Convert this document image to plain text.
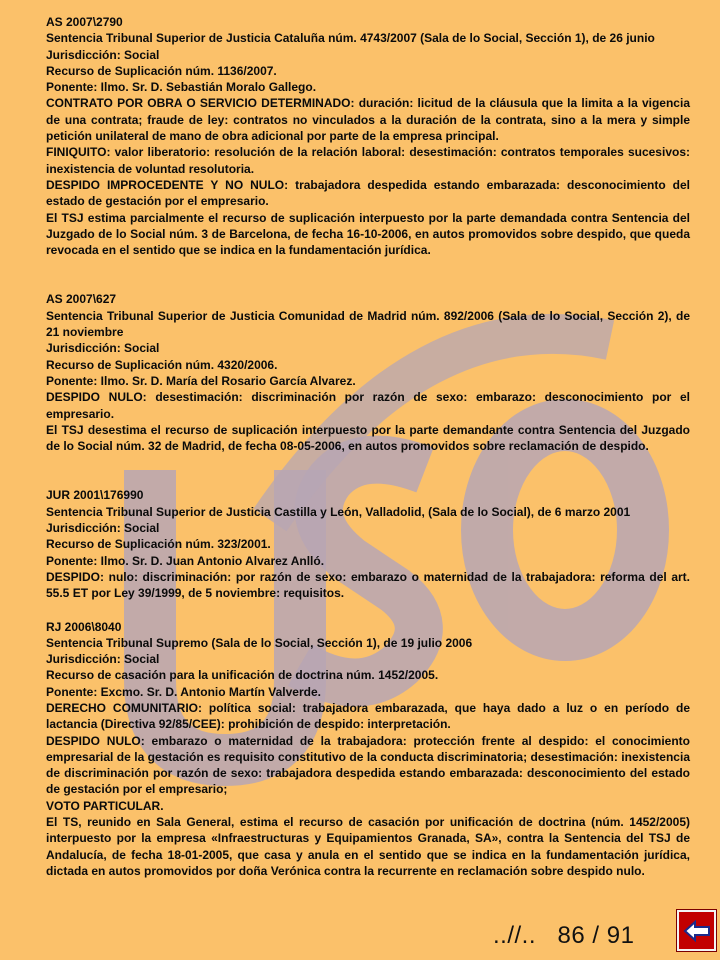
AS 2007\2790

Sentencia Tribunal Superior de Justicia Cataluña núm. 4743/2007 (Sala de lo Social, Sección 1), de 26 junio

Jurisdicción: Social

Recurso de Suplicación núm. 1136/2007.

Ponente: Ilmo. Sr. D. Sebastián Moralo Gallego.

CONTRATO POR OBRA O SERVICIO DETERMINADO: duración: licitud de la cláusula que la limita a la vigencia de una contrata; fraude de ley: contratos no vinculados a la duración de la contrata, sino a la mera y simple petición unilateral de mano de obra adicional por parte de la empresa principal.

FINIQUITO: valor liberatorio: resolución de la relación laboral: desestimación: contratos temporales sucesivos: inexistencia de voluntad resolutoria.

DESPIDO IMPROCEDENTE Y NO NULO: trabajadora despedida estando embarazada: desconocimiento del estado de gestación por el empresario.

El TSJ estima parcialmente el recurso de suplicación interpuesto por la parte demandada contra Sentencia del Juzgado de lo Social núm. 3 de Barcelona, de fecha 16-10-2006, en autos promovidos sobre despido, que queda revocada en el sentido que se indica en la fundamentación jurídica.

AS 2007\627

Sentencia Tribunal Superior de Justicia Comunidad de Madrid núm. 892/2006 (Sala de lo Social, Sección 2), de 21 noviembre

Jurisdicción: Social

Recurso de Suplicación núm. 4320/2006.

Ponente: Ilmo. Sr. D. María del Rosario García Alvarez.

DESPIDO NULO: desestimación: discriminación por razón de sexo: embarazo: desconocimiento por el empresario.

El TSJ desestima el recurso de suplicación interpuesto por la parte demandante contra Sentencia del Juzgado de lo Social núm. 32 de Madrid, de fecha 08-05-2006, en autos promovidos sobre reclamación de despido.

JUR 2001\176990

Sentencia Tribunal Superior de Justicia Castilla y León, Valladolid, (Sala de lo Social), de 6 marzo 2001

Jurisdicción: Social

Recurso de Suplicación núm. 323/2001.

Ponente: Ilmo. Sr. D. Juan Antonio Alvarez Anlló.

DESPIDO: nulo: discriminación: por razón de sexo: embarazo o maternidad de la trabajadora: reforma del art. 55.5 ET por Ley 39/1999, de 5 noviembre: requisitos.

RJ 2006\8040

Sentencia Tribunal Supremo (Sala de lo Social, Sección 1), de 19 julio 2006

Jurisdicción: Social

Recurso de casación para la unificación de doctrina núm. 1452/2005.

Ponente: Excmo. Sr. D. Antonio Martín Valverde.

DERECHO COMUNITARIO: política social: trabajadora embarazada, que haya dado a luz o en período de lactancia (Directiva 92/85/CEE): prohibición de despido: interpretación.

DESPIDO NULO: embarazo o maternidad de la trabajadora: protección frente al despido: el conocimiento empresarial de la gestación es requisito constitutivo de la conducta discriminatoria; desestimación: inexistencia de discriminación por razón de sexo: trabajadora despedida estando embarazada: desconocimiento del estado de gestación por el empresario;

VOTO PARTICULAR.

El TS, reunido en Sala General, estima el recurso de casación por unificación de doctrina (núm. 1452/2005) interpuesto por la empresa «Infraestructuras y Equipamientos Granada, SA», contra la Sentencia del TSJ de Andalucía, de fecha 18-01-2005, que casa y anula en el sentido que se indica en la fundamentación jurídica, dictada en autos promovidos por doña Verónica contra la recurrente en reclamación sobre despido nulo.

..//.. 86 / 91
